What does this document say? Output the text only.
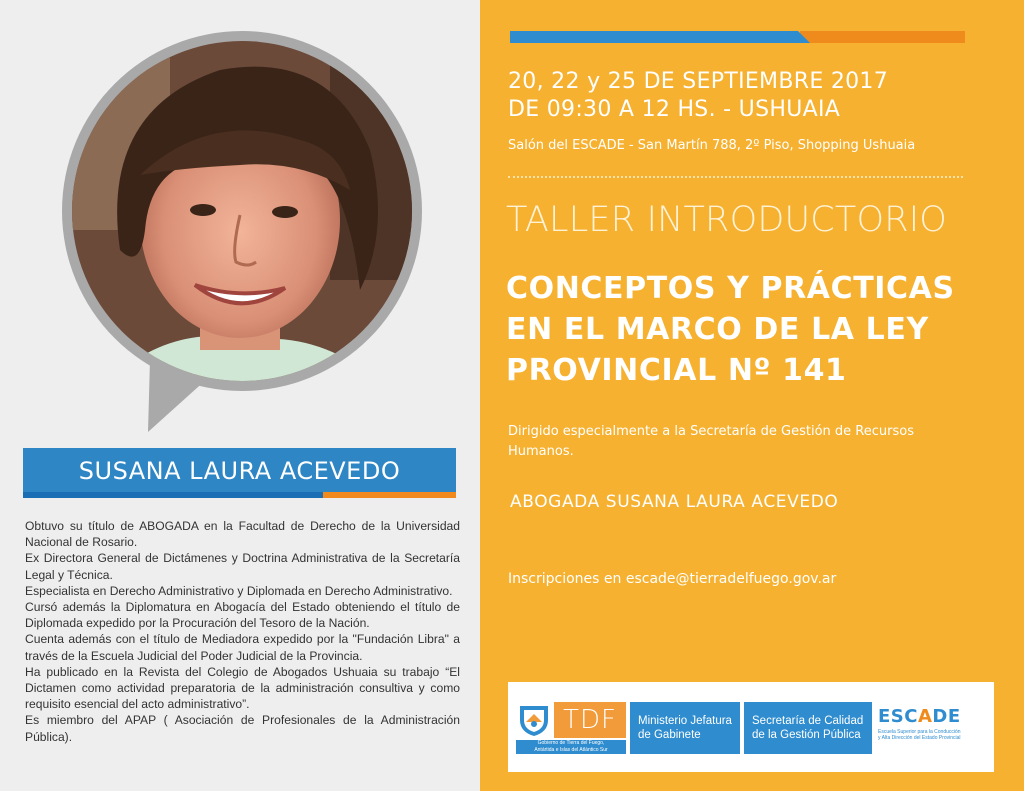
SUSANA LAURA ACEVEDO

Obtuvo su título de ABOGADA en la Facultad de Derecho de la Universidad Nacional de Rosario.

Ex Directora General de Dictámenes y Doctrina Administrativa de la Secretaría Legal y Técnica.

Especialista en Derecho Administrativo y Diplomada en Derecho Administrativo.

Cursó además la Diplomatura en Abogacía del Estado obteniendo el título de Diplomada expedido por la Procuración del Tesoro de la Nación.

Cuenta además con el título de Mediadora expedido por la "Fundación Libra" a través de la Escuela Judicial del Poder Judicial de la Provincia.

Ha publicado en la Revista del Colegio de Abogados Ushuaia su trabajo “El Dictamen como actividad preparatoria de la administración consultiva y como requisito esencial del acto administrativo”.

Es miembro del APAP ( Asociación de Profesionales de la Administración Pública).

20, 22 y 25 DE SEPTIEMBRE 2017
DE 09:30 A 12 HS. - USHUAIA
Salón del ESCADE - San Martín 788, 2º Piso, Shopping Ushuaia
TALLER INTRODUCTORIO
CONCEPTOS Y PRÁCTICAS
EN EL MARCO DE LA LEY
PROVINCIAL Nº 141
Dirigido especialmente a la Secretaría de Gestión de Recursos
Humanos.
ABOGADA SUSANA LAURA ACEVEDO
Inscripciones en escade@tierradelfuego.gov.ar
TDF
Gobierno de Tierra del Fuego,
Antártida e Islas del Atlántico Sur
Ministerio Jefatura
de Gabinete
Secretaría de Calidad
de la Gestión Pública
ESCADE
Escuela Superior para la Conducción
y Alta Dirección del Estado Provincial
